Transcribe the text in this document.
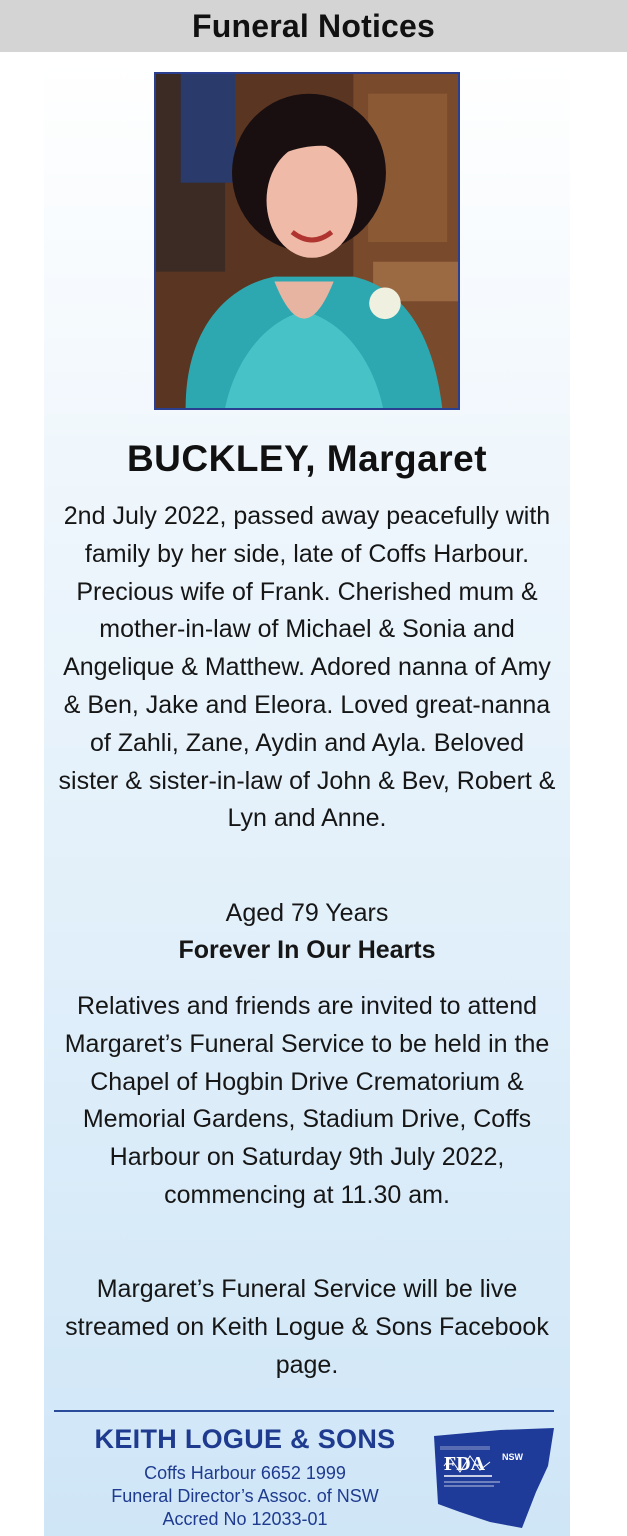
Funeral Notices
BUCKLEY, Margaret
2nd July 2022, passed away peacefully with family by her side, late of Coffs Harbour. Precious wife of Frank. Cherished mum & mother-in-law of Michael & Sonia and Angelique & Matthew. Adored nanna of Amy & Ben, Jake and Eleora. Loved great-nanna of Zahli, Zane, Aydin and Ayla. Beloved sister & sister-in-law of John & Bev, Robert & Lyn and Anne.
Aged 79 Years
Forever In Our Hearts
Relatives and friends are invited to attend Margaret’s Funeral Service to be held in the Chapel of Hogbin Drive Crematorium & Memorial Gardens, Stadium Drive, Coffs Harbour on Saturday 9th July 2022, commencing at 11.30 am.
Margaret’s Funeral Service will be live streamed on Keith Logue & Sons Facebook page.
KEITH LOGUE & SONS
Coffs Harbour 6652 1999
Funeral Director’s Assoc. of NSW
Accred No 12033-01
FDA NSW
